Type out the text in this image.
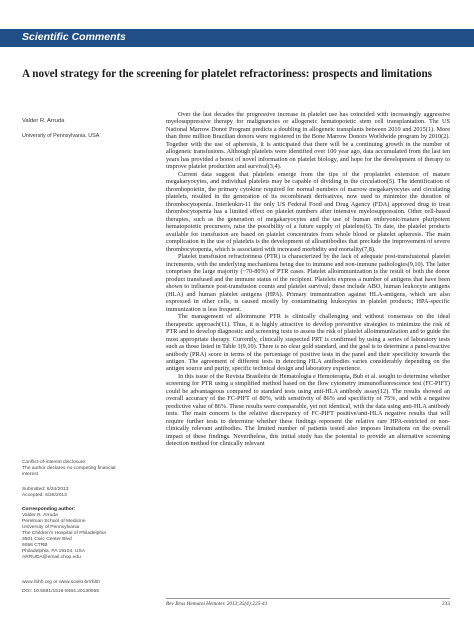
Scientific Comments
A novel strategy for the screening for platelet refractoriness: prospects and limitations
Valder R. Arruda
University of Pennsylvania, USA
Conflict-of-interest disclosure:
The author declares no competing financial
interest
Submitted: 6/24/2013
Accepted: 6/28/2013
Corresponding author:
Valder R. Arruda
Perelman School of Medicine
University of Pennsylvania
The Children's Hospital of Philadelphia
3501 Civic Center Blvd
5056 CTRB
Philadelphia, PA 19104, USA
ARRUDA@email.chop.edu
www.rbhh.org or www.scielo.br/rbhh
DOI: 10.5581/1516-8484.20130065

Over the last decades the progressive increase in platelet use has coincided with increasingly aggressive myelosuppressive therapy for malignancies or allogeneic hematopoietic stem cell transplantation. The US National Marrow Donor Program predicts a doubling in allogeneic transplants between 2010 and 2015(1). More than three million Brazilian donors were registered in the Bone Marrow Donors Worldwide program by 2010(2). Together with the use of apheresis, it is anticipated that there will be a continuing growth in the number of allogeneic transfusions. Although platelets were identified over 100 year ago, data accumulated from the last ten years has provided a boost of novel information on platelet biology, and hope for the development of therapy to improve platelet production and survival(3,4).

Current data suggest that platelets emerge from the tips of the proplatelet extension of mature megakaryocytes, and individual platelets may be capable of dividing in the circulation(5). The identification of thrombopoietin, the primary cytokine required for normal numbers of marrow megakaryocytes and circulating platelets, resulted in the generation of its recombinant derivatives, now used to minimize the duration of thrombocytopenia. Interleukin-11 the only US Federal Food and Drug Agency (FDA) approved drug to treat thrombocytopenia has a limited effect on platelet numbers after intensive myelosuppression. Other cell-based therapies, such as the generation of megakaryocytes and the use of human embryonic/mature pluripotent hematopoietic precursors, raise the possibility of a future supply of platelets(6). To date, the platelet products available for transfusion are based on platelet concentrates from whole blood or platelet apheresis. The main complication in the use of platelets is the development of alloantibodies that preclude the improvement of severe thrombocytopenia, which is associated with increased morbidity and mortality(7,8).

Platelet transfusion refractoriness (PTR) is characterized by the lack of adequate post-transfusional platelet increments, with the underlying mechanisms being due to immune and non-immune pathologies(9,10). The latter comprises the large majority (~70-80%) of PTR cases. Platelet alloimmunization is the result of both the donor product transfused and the immune status of the recipient. Platelets express a number of antigens that have been shown to influence post-transfusion counts and platelet survival; these include ABO, human leukocyte antigens (HLA) and human platelet antigens (HPA). Primary immunization against HLA-antigens, which are also expressed in other cells, is caused mostly by contaminating leukocytes in platelet products; HPA-specific immunization is less frequent.

The management of alloimmune PTR is clinically challenging and without consensus on the ideal therapeutic approach(11). Thus, it is highly attractive to develop preventive strategies to minimize the risk of PTR and to develop diagnostic and screening tests to assess the risk of platelet alloimmunization and to guide the most appropriate therapy. Currently, clinically suspected PRT is confirmed by using a series of laboratory tests such as those listed in Table 1(9,10). There is no clear gold standard, and the goal is to determine a panel-reactive antibody (PRA) score in terms of the percentage of positive tests in the panel and their specificity towards the antigen. The agreement of different tests in detecting HLA antibodies varies considerably depending on the antigen source and purity, specific technical design and laboratory experience.

In this issue of the Revista Brasileira de Hematologia e Hemoterapia, Bub et al. sought to determine whether screening for PTR using a simplified method based on the flow cytometry immunofluorescence test (FC-PIFT) could be advantageous compared to standard tests using anti-HLA antibody assay(12). The results showed an overall accuracy of the FC-PIFT of 80%, with sensitivity of 86% and specificity of 75%, and with a negative predictive value of 86%. These results were comparable, yet not identical, with the data using anti-HLA antibody tests. The main concern is the relative discrepancy of FC-PIFT positive/anti-HLA negative results that will require further tests to determine whether these findings represent the relative rare HPA-restricted or non-clinically relevant antibodies. The limited number of patients tested also imposes limitations on the overall impact of these findings. Nevertheless, this initial study has the potential to provide an alternative screening detection method for clinically relevant

Rev Bras Hematol Hemoter. 2013;35(4):225-41	233
